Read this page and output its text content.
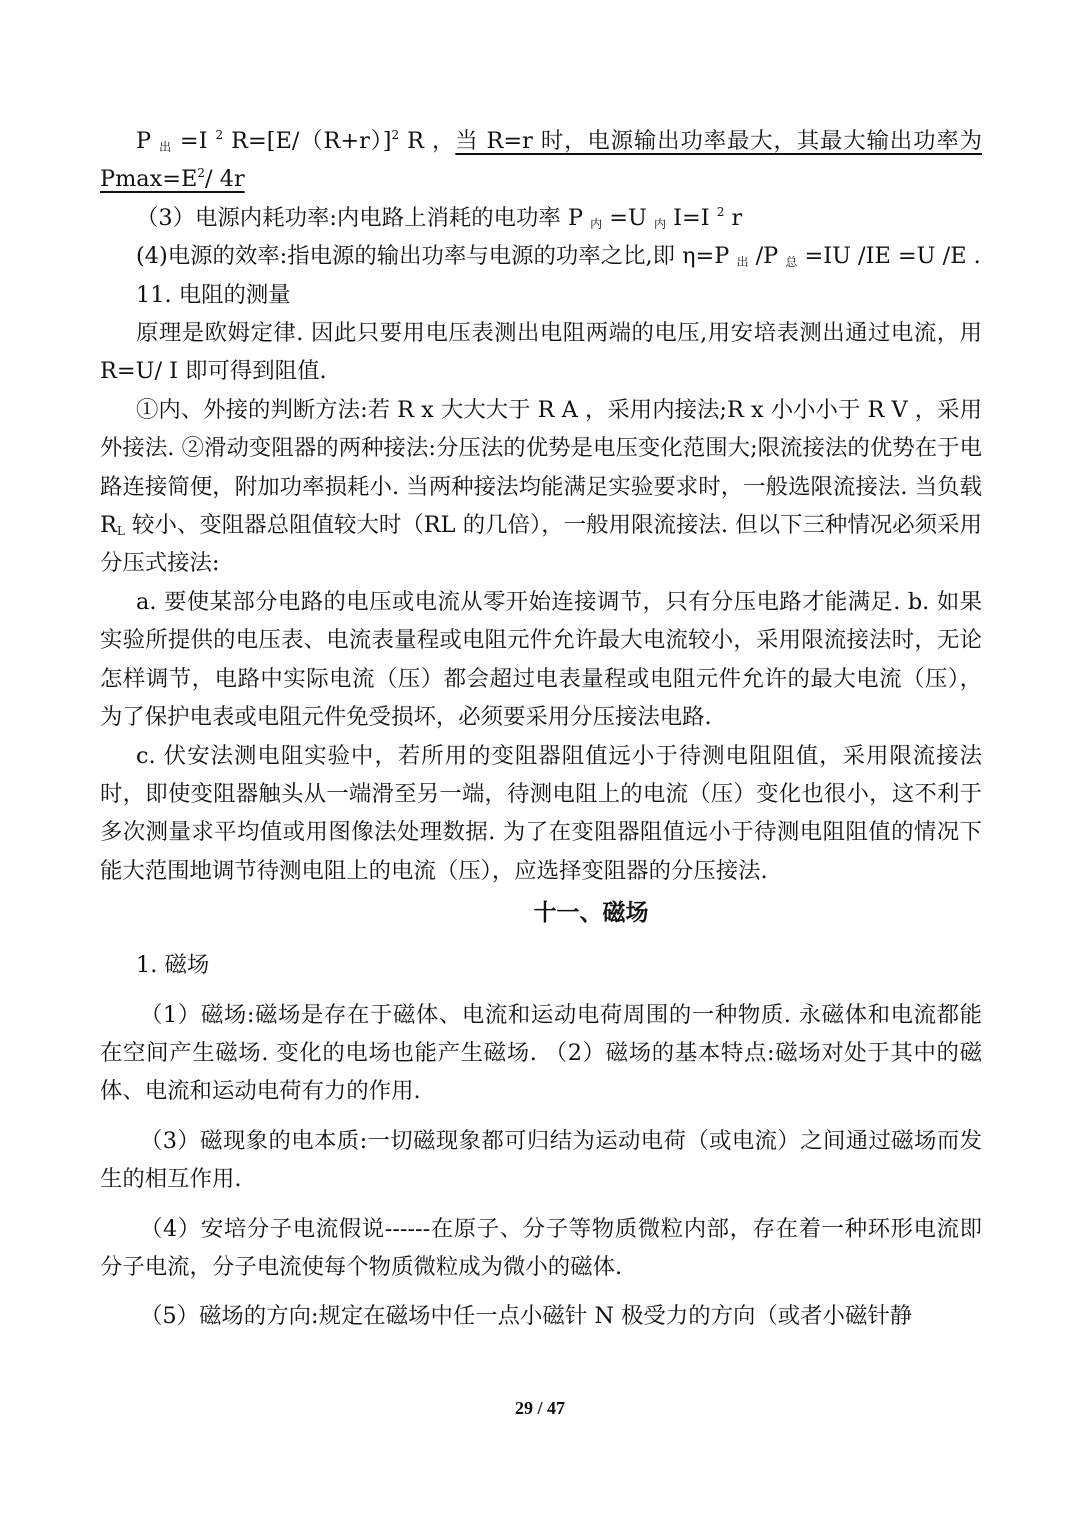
P $_出$ =I $^2$ $R=[E/(R+r)]^2$ R ，当 R=r 时，电源输出功率最大，其最大输出功率为 $Pmax=E^2/$ 4r

（3）电源内耗功率:内电路上消耗的电功率 P $_内$ =U $_内$ I=I $^2$ r

(4)电源的效率:指电源的输出功率与电源的功率之比,即 η=P $_出$ /P $_总$ =IU /IE =U /E .

11. 电阻的测量

原理是欧姆定律. 因此只要用电压表测出电阻两端的电压,用安培表测出通过电流，用 R=U/ I 即可得到阻值.

①内、外接的判断方法:若 R x 大大大于 R A ，采用内接法;R x 小小小于 R V ，采用外接法. ②滑动变阻器的两种接法:分压法的优势是电压变化范围大;限流接法的优势在于电路连接简便，附加功率损耗小. 当两种接法均能满足实验要求时，一般选限流接法. 当负载 $R_L$ 较小、变阻器总阻值较大时（RL 的几倍），一般用限流接法. 但以下三种情况必须采用分压式接法:

a. 要使某部分电路的电压或电流从零开始连接调节，只有分压电路才能满足. b. 如果实验所提供的电压表、电流表量程或电阻元件允许最大电流较小，采用限流接法时，无论怎样调节，电路中实际电流（压）都会超过电表量程或电阻元件允许的最大电流（压），为了保护电表或电阻元件免受损坏，必须要采用分压接法电路.

c. 伏安法测电阻实验中，若所用的变阻器阻值远小于待测电阻阻值，采用限流接法时，即使变阻器触头从一端滑至另一端，待测电阻上的电流（压）变化也很小，这不利于多次测量求平均值或用图像法处理数据. 为了在变阻器阻值远小于待测电阻阻值的情况下能大范围地调节待测电阻上的电流（压），应选择变阻器的分压接法.

十一、磁场

1. 磁场

（1）磁场:磁场是存在于磁体、电流和运动电荷周围的一种物质. 永磁体和电流都能在空间产生磁场. 变化的电场也能产生磁场. （2）磁场的基本特点:磁场对处于其中的磁体、电流和运动电荷有力的作用.

（3）磁现象的电本质:一切磁现象都可归结为运动电荷（或电流）之间通过磁场而发生的相互作用.

（4）安培分子电流假说------在原子、分子等物质微粒内部，存在着一种环形电流即分子电流，分子电流使每个物质微粒成为微小的磁体.

（5）磁场的方向:规定在磁场中任一点小磁针 N 极受力的方向（或者小磁针静

29 / 47
